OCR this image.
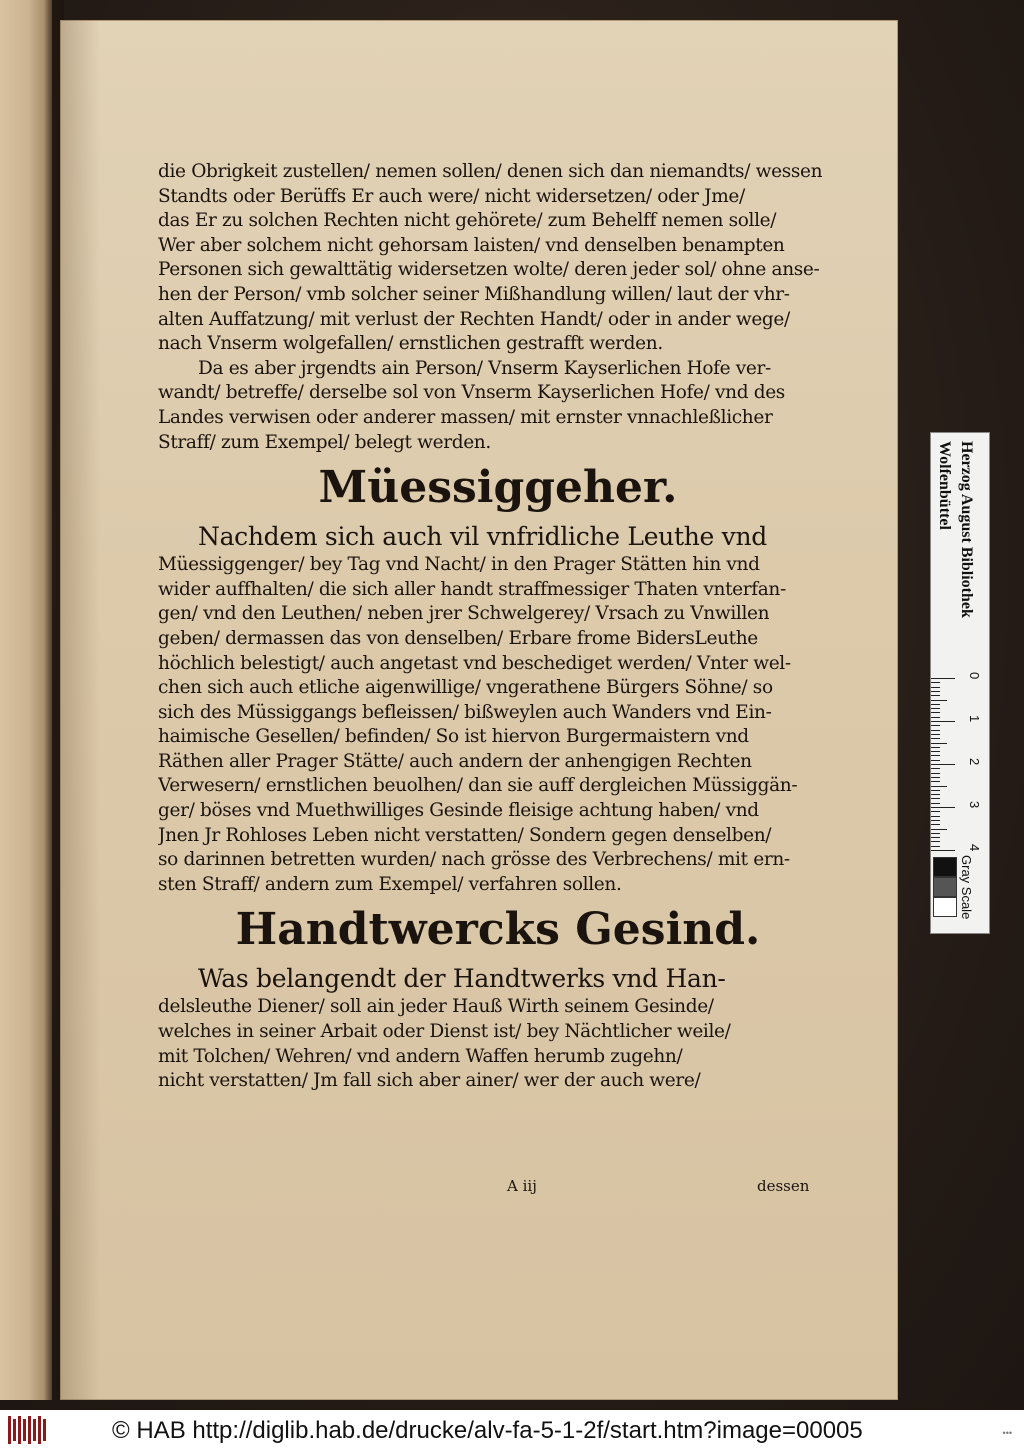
die Obrigkeit zustellen/ nemen sollen/ denen sich dan niemandts/ wessen
Standts oder Berüffs Er auch were/ nicht widersetzen/ oder Jme/
das Er zu solchen Rechten nicht gehörete/ zum Behelff nemen solle/
Wer aber solchem nicht gehorsam laisten/ vnd denselben benampten
Personen sich gewalttätig widersetzen wolte/ deren jeder sol/ ohne anse-
hen der Person/ vmb solcher seiner Mißhandlung willen/ laut der vhr-
alten Auffatzung/ mit verlust der Rechten Handt/ oder in ander wege/
nach Vnserm wolgefallen/ ernstlichen gestrafft werden.
Da es aber jrgendts ain Person/ Vnserm Kayserlichen Hofe ver-
wandt/ betreffe/ derselbe sol von Vnserm Kayserlichen Hofe/ vnd des
Landes verwisen oder anderer massen/ mit ernster vnnachleßlicher
Straff/ zum Exempel/ belegt werden.
Müessiggeher.
Nachdem sich auch vil vnfridliche Leuthe vnd
Müessiggenger/ bey Tag vnd Nacht/ in den Prager Stätten hin vnd
wider auffhalten/ die sich aller handt straffmessiger Thaten vnterfan-
gen/ vnd den Leuthen/ neben jrer Schwelgerey/ Vrsach zu Vnwillen
geben/ dermassen das von denselben/ Erbare frome BidersLeuthe
höchlich belestigt/ auch angetast vnd beschediget werden/ Vnter wel-
chen sich auch etliche aigenwillige/ vngerathene Bürgers Söhne/ so
sich des Müssiggangs befleissen/ bißweylen auch Wanders vnd Ein-
haimische Gesellen/ befinden/ So ist hiervon Burgermaistern vnd
Räthen aller Prager Stätte/ auch andern der anhengigen Rechten
Verwesern/ ernstlichen beuolhen/ dan sie auff dergleichen Müssiggän-
ger/ böses vnd Muethwilliges Gesinde fleisige achtung haben/ vnd
Jnen Jr Rohloses Leben nicht verstatten/ Sondern gegen denselben/
so darinnen betretten wurden/ nach grösse des Verbrechens/ mit ern-
sten Straff/ andern zum Exempel/ verfahren sollen.
Handtwercks Gesind.
Was belangendt der Handtwerks vnd Han-
delsleuthe Diener/ soll ain jeder Hauß Wirth seinem Gesinde/
welches in seiner Arbait oder Dienst ist/ bey Nächtlicher weile/
mit Tolchen/ Wehren/ vnd andern Waffen herumb zugehn/
nicht verstatten/ Jm fall sich aber ainer/ wer der auch were/
A iij	dessen
Herzog August Bibliothek
Wolfenbüttel
0
1
2
3
4
Gray Scale
© HAB http://diglib.hab.de/drucke/alv-fa-5-1-2f/start.htm?image=00005	•••
